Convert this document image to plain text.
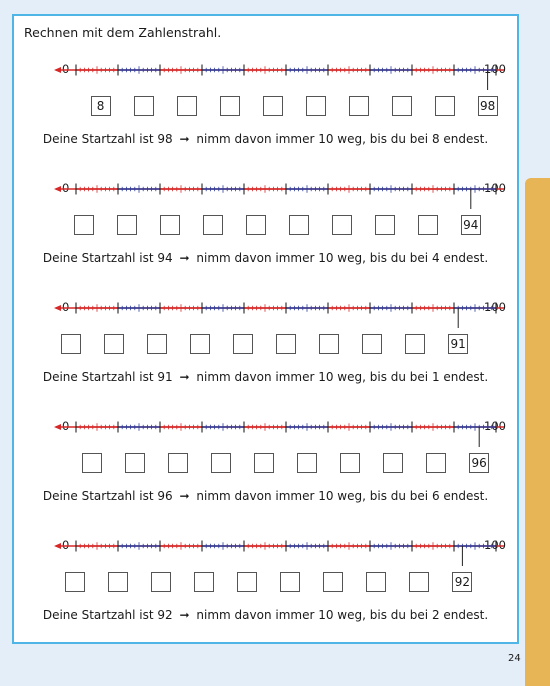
Rechnen mit dem Zahlenstrahl.
0	100
8	98
Deine Startzahl ist 98 ➞ nimm davon immer 10 weg, bis du bei 8 endest.
0	100
94
Deine Startzahl ist 94 ➞ nimm davon immer 10 weg, bis du bei 4 endest.
0	100
91
Deine Startzahl ist 91 ➞ nimm davon immer 10 weg, bis du bei 1 endest.
0	100
96
Deine Startzahl ist 96 ➞ nimm davon immer 10 weg, bis du bei 6 endest.
0	100
92
Deine Startzahl ist 92 ➞ nimm davon immer 10 weg, bis du bei 2 endest.
24
